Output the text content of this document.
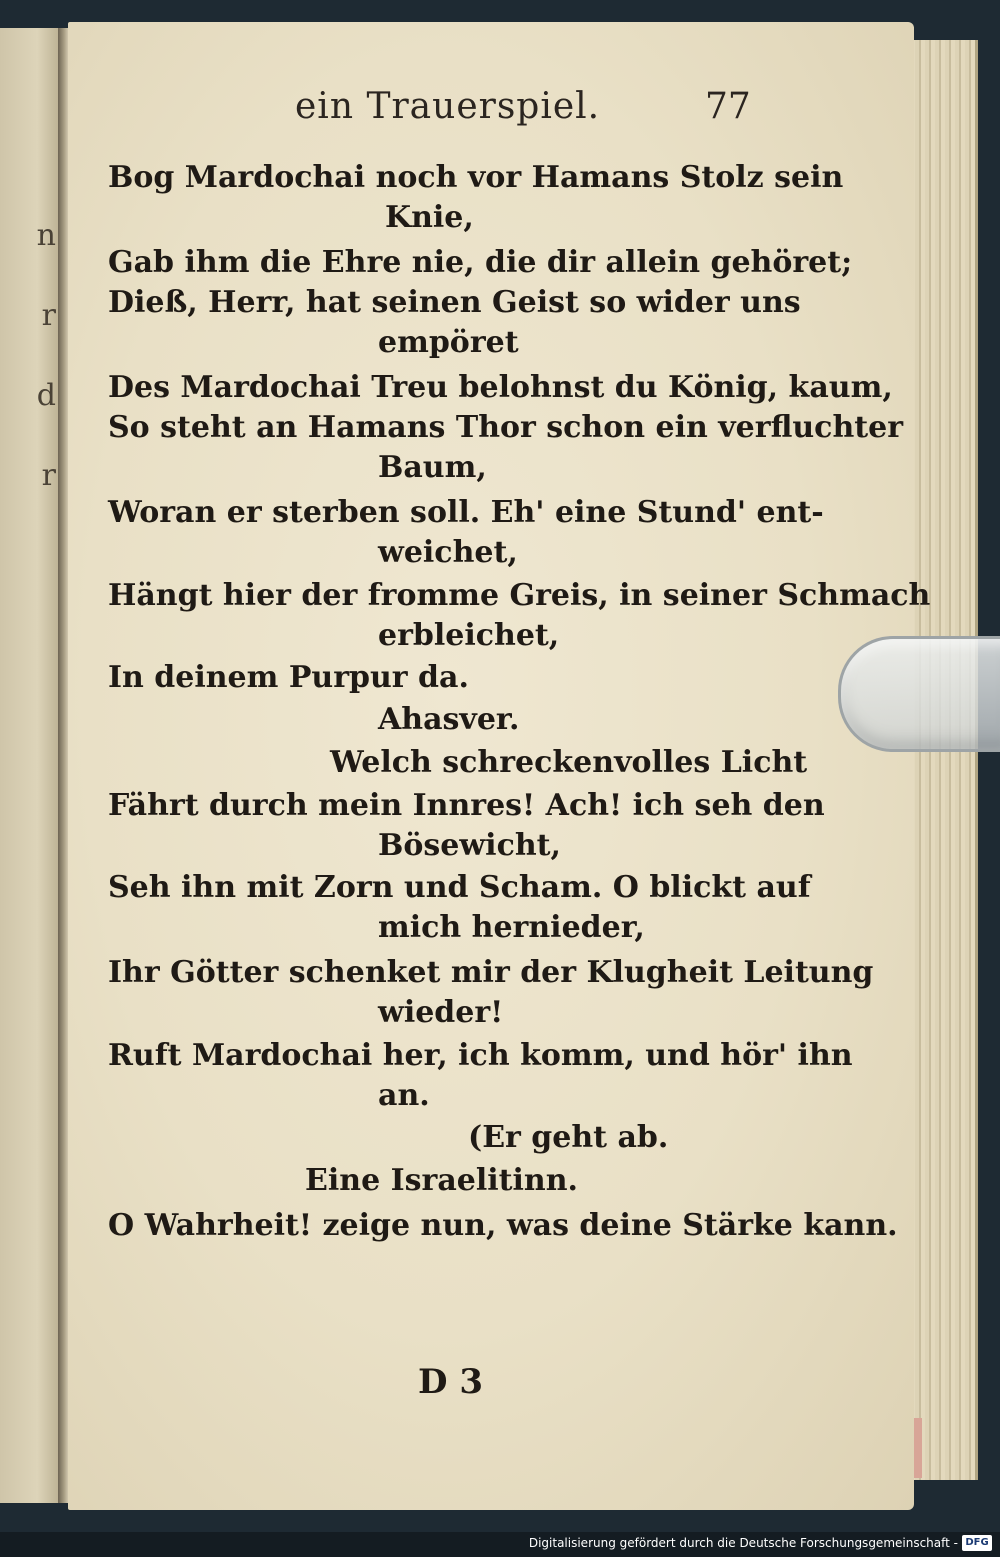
n
r
d
r
ein Trauerspiel.	77
Bog Mardochai noch vor Hamans Stolz sein
Knie,
Gab ihm die Ehre nie, die dir allein gehöret;
Dieß, Herr, hat seinen Geist so wider uns
empöret
Des Mardochai Treu belohnst du König, kaum,
So steht an Hamans Thor schon ein verfluchter
Baum,
Woran er sterben soll. Eh' eine Stund' ent-
weichet,
Hängt hier der fromme Greis, in seiner Schmach
erbleichet,
In deinem Purpur da.
Ahasver.
Welch schreckenvolles Licht
Fährt durch mein Innres! Ach! ich seh den
Bösewicht,
Seh ihn mit Zorn und Scham. O blickt auf
mich hernieder,
Ihr Götter schenket mir der Klugheit Leitung
wieder!
Ruft Mardochai her, ich komm, und hör' ihn
an.
(Er geht ab.
Eine Israelitinn.
O Wahrheit! zeige nun, was deine Stärke kann.
D 3
Digitalisierung gefördert durch die Deutsche Forschungsgemeinschaft - DFG
